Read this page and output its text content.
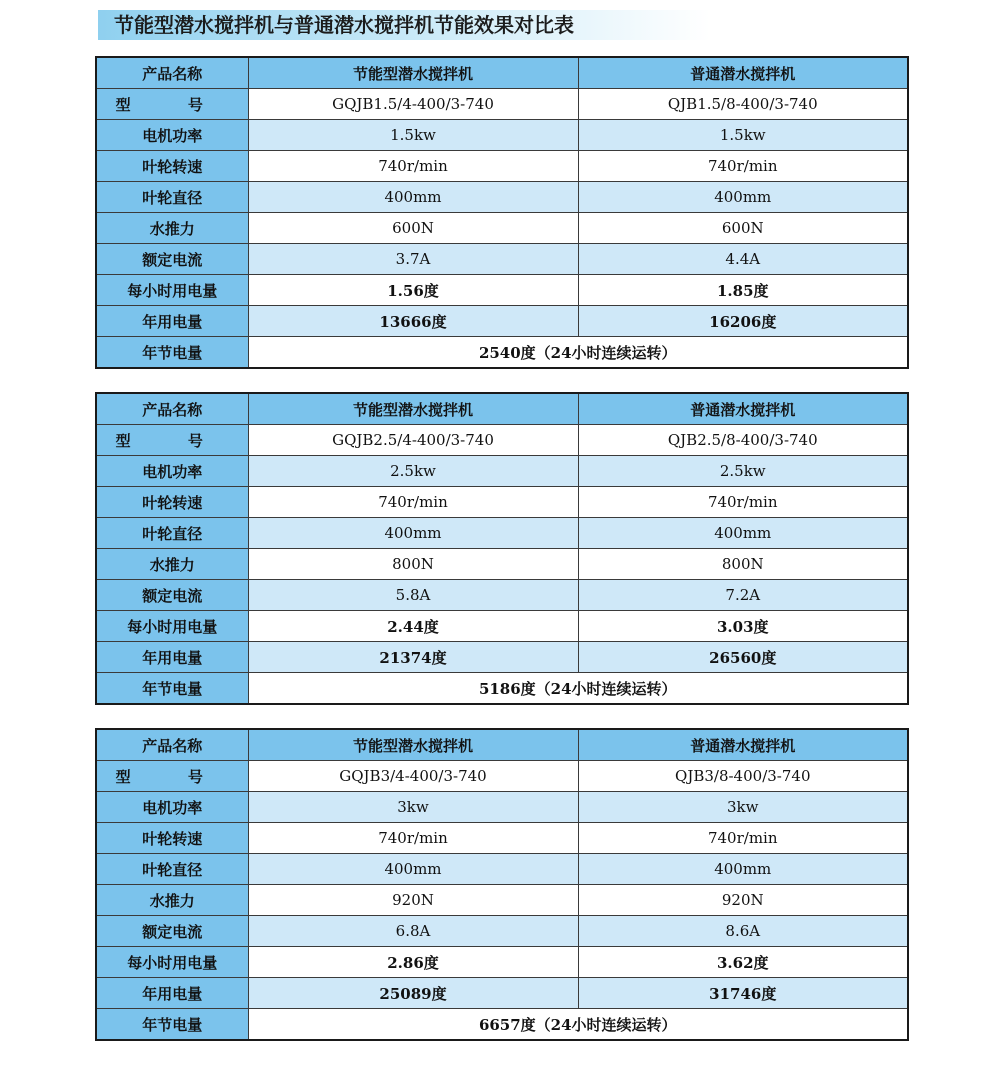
节能型潜水搅拌机与普通潜水搅拌机节能效果对比表
产品名称	节能型潜水搅拌机	普通潜水搅拌机
型 号	GQJB1.5/4-400/3-740	QJB1.5/8-400/3-740
电机功率	1.5kw	1.5kw
叶轮转速	740r/min	740r/min
叶轮直径	400mm	400mm
水推力	600N	600N
额定电流	3.7A	4.4A
每小时用电量	1.56度	1.85度
年用电量	13666度	16206度
年节电量	2540度（24小时连续运转）	
产品名称	节能型潜水搅拌机	普通潜水搅拌机
型 号	GQJB2.5/4-400/3-740	QJB2.5/8-400/3-740
电机功率	2.5kw	2.5kw
叶轮转速	740r/min	740r/min
叶轮直径	400mm	400mm
水推力	800N	800N
额定电流	5.8A	7.2A
每小时用电量	2.44度	3.03度
年用电量	21374度	26560度
年节电量	5186度（24小时连续运转）	
产品名称	节能型潜水搅拌机	普通潜水搅拌机
型 号	GQJB3/4-400/3-740	QJB3/8-400/3-740
电机功率	3kw	3kw
叶轮转速	740r/min	740r/min
叶轮直径	400mm	400mm
水推力	920N	920N
额定电流	6.8A	8.6A
每小时用电量	2.86度	3.62度
年用电量	25089度	31746度
年节电量	6657度（24小时连续运转）	
